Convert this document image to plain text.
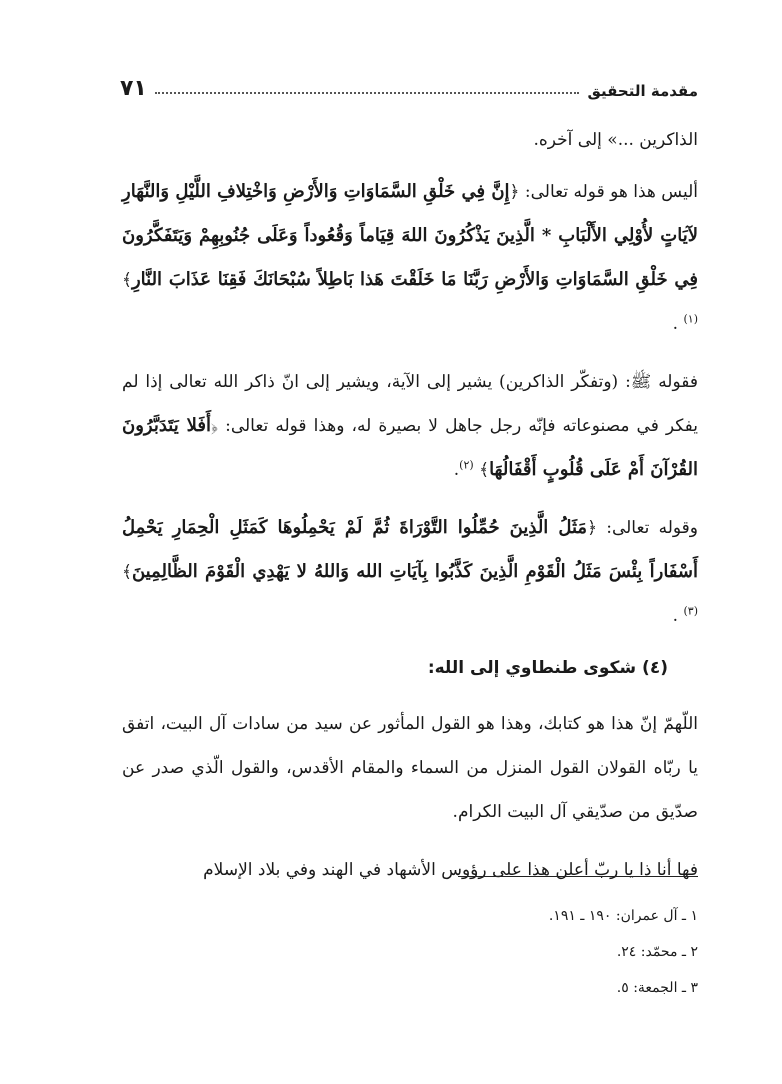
مقدمة التحقيق
٧١

الذاكرين ...» إلى آخره.

أليس هذا هو قوله تعالى: ﴿إِنَّ فِي خَلْقِ السَّمَاوَاتِ وَالأَرْضِ وَاخْتِلافِ اللَّيْلِ وَالنَّهَارِ لآيَاتٍ لأُوْلِي الأَلْبَابِ * الَّذِينَ يَذْكُرُونَ اللهَ قِيَاماً وَقُعُوداً وَعَلَى جُنُوبِهِمْ وَيَتَفَكَّرُونَ فِي خَلْقِ السَّمَاوَاتِ وَالأَرْضِ رَبَّنَا مَا خَلَقْتَ هَذا بَاطِلاً سُبْحَانَكَ فَقِنَا عَذَابَ النَّارِ﴾ $^{(١)}$ .

فقوله ﷺ: (وتفكّر الذاكرين) يشير إلى الآية، ويشير إلى انّ ذاكر الله تعالى إذا لم يفكر في مصنوعاته فإنّه رجل جاهل لا بصيرة له، وهذا قوله تعالى: ﴿أَفَلا يَتَدَبَّرُونَ القُرْآنَ أَمْ عَلَى قُلُوبٍ أَقْفَالُهَا﴾ $^{(٢)}$.

وقوله تعالى: ﴿مَثَلُ الَّذِينَ حُمِّلُوا التَّوْرَاةَ ثُمَّ لَمْ يَحْمِلُوهَا كَمَثَلِ الْحِمَارِ يَحْمِلُ أَسْفَاراً بِئْسَ مَثَلُ الْقَوْمِ الَّذِينَ كَذَّبُوا بِآيَاتِ الله وَاللهُ لا يَهْدِي الْقَوْمَ الظَّالِمِينَ﴾ $^{(٣)}$ .

(٤) شكوى طنطاوي إلى الله:

اللّهمّ إنّ هذا هو كتابك، وهذا هو القول المأثور عن سيد من سادات آل البيت، اتفق يا ربّاه القولان القول المنزل من السماء والمقام الأقدس، والقول الّذي صدر عن صدّيق من صدّيقي آل البيت الكرام.

فها أنا ذا يا ربّ أعلن هذا على رؤوس الأشهاد في الهند وفي بلاد الإسلام

١ ـ آل عمران: ١٩٠ ـ ١٩١.

٢ ـ محمّد: ٢٤.

٣ ـ الجمعة: ٥.
